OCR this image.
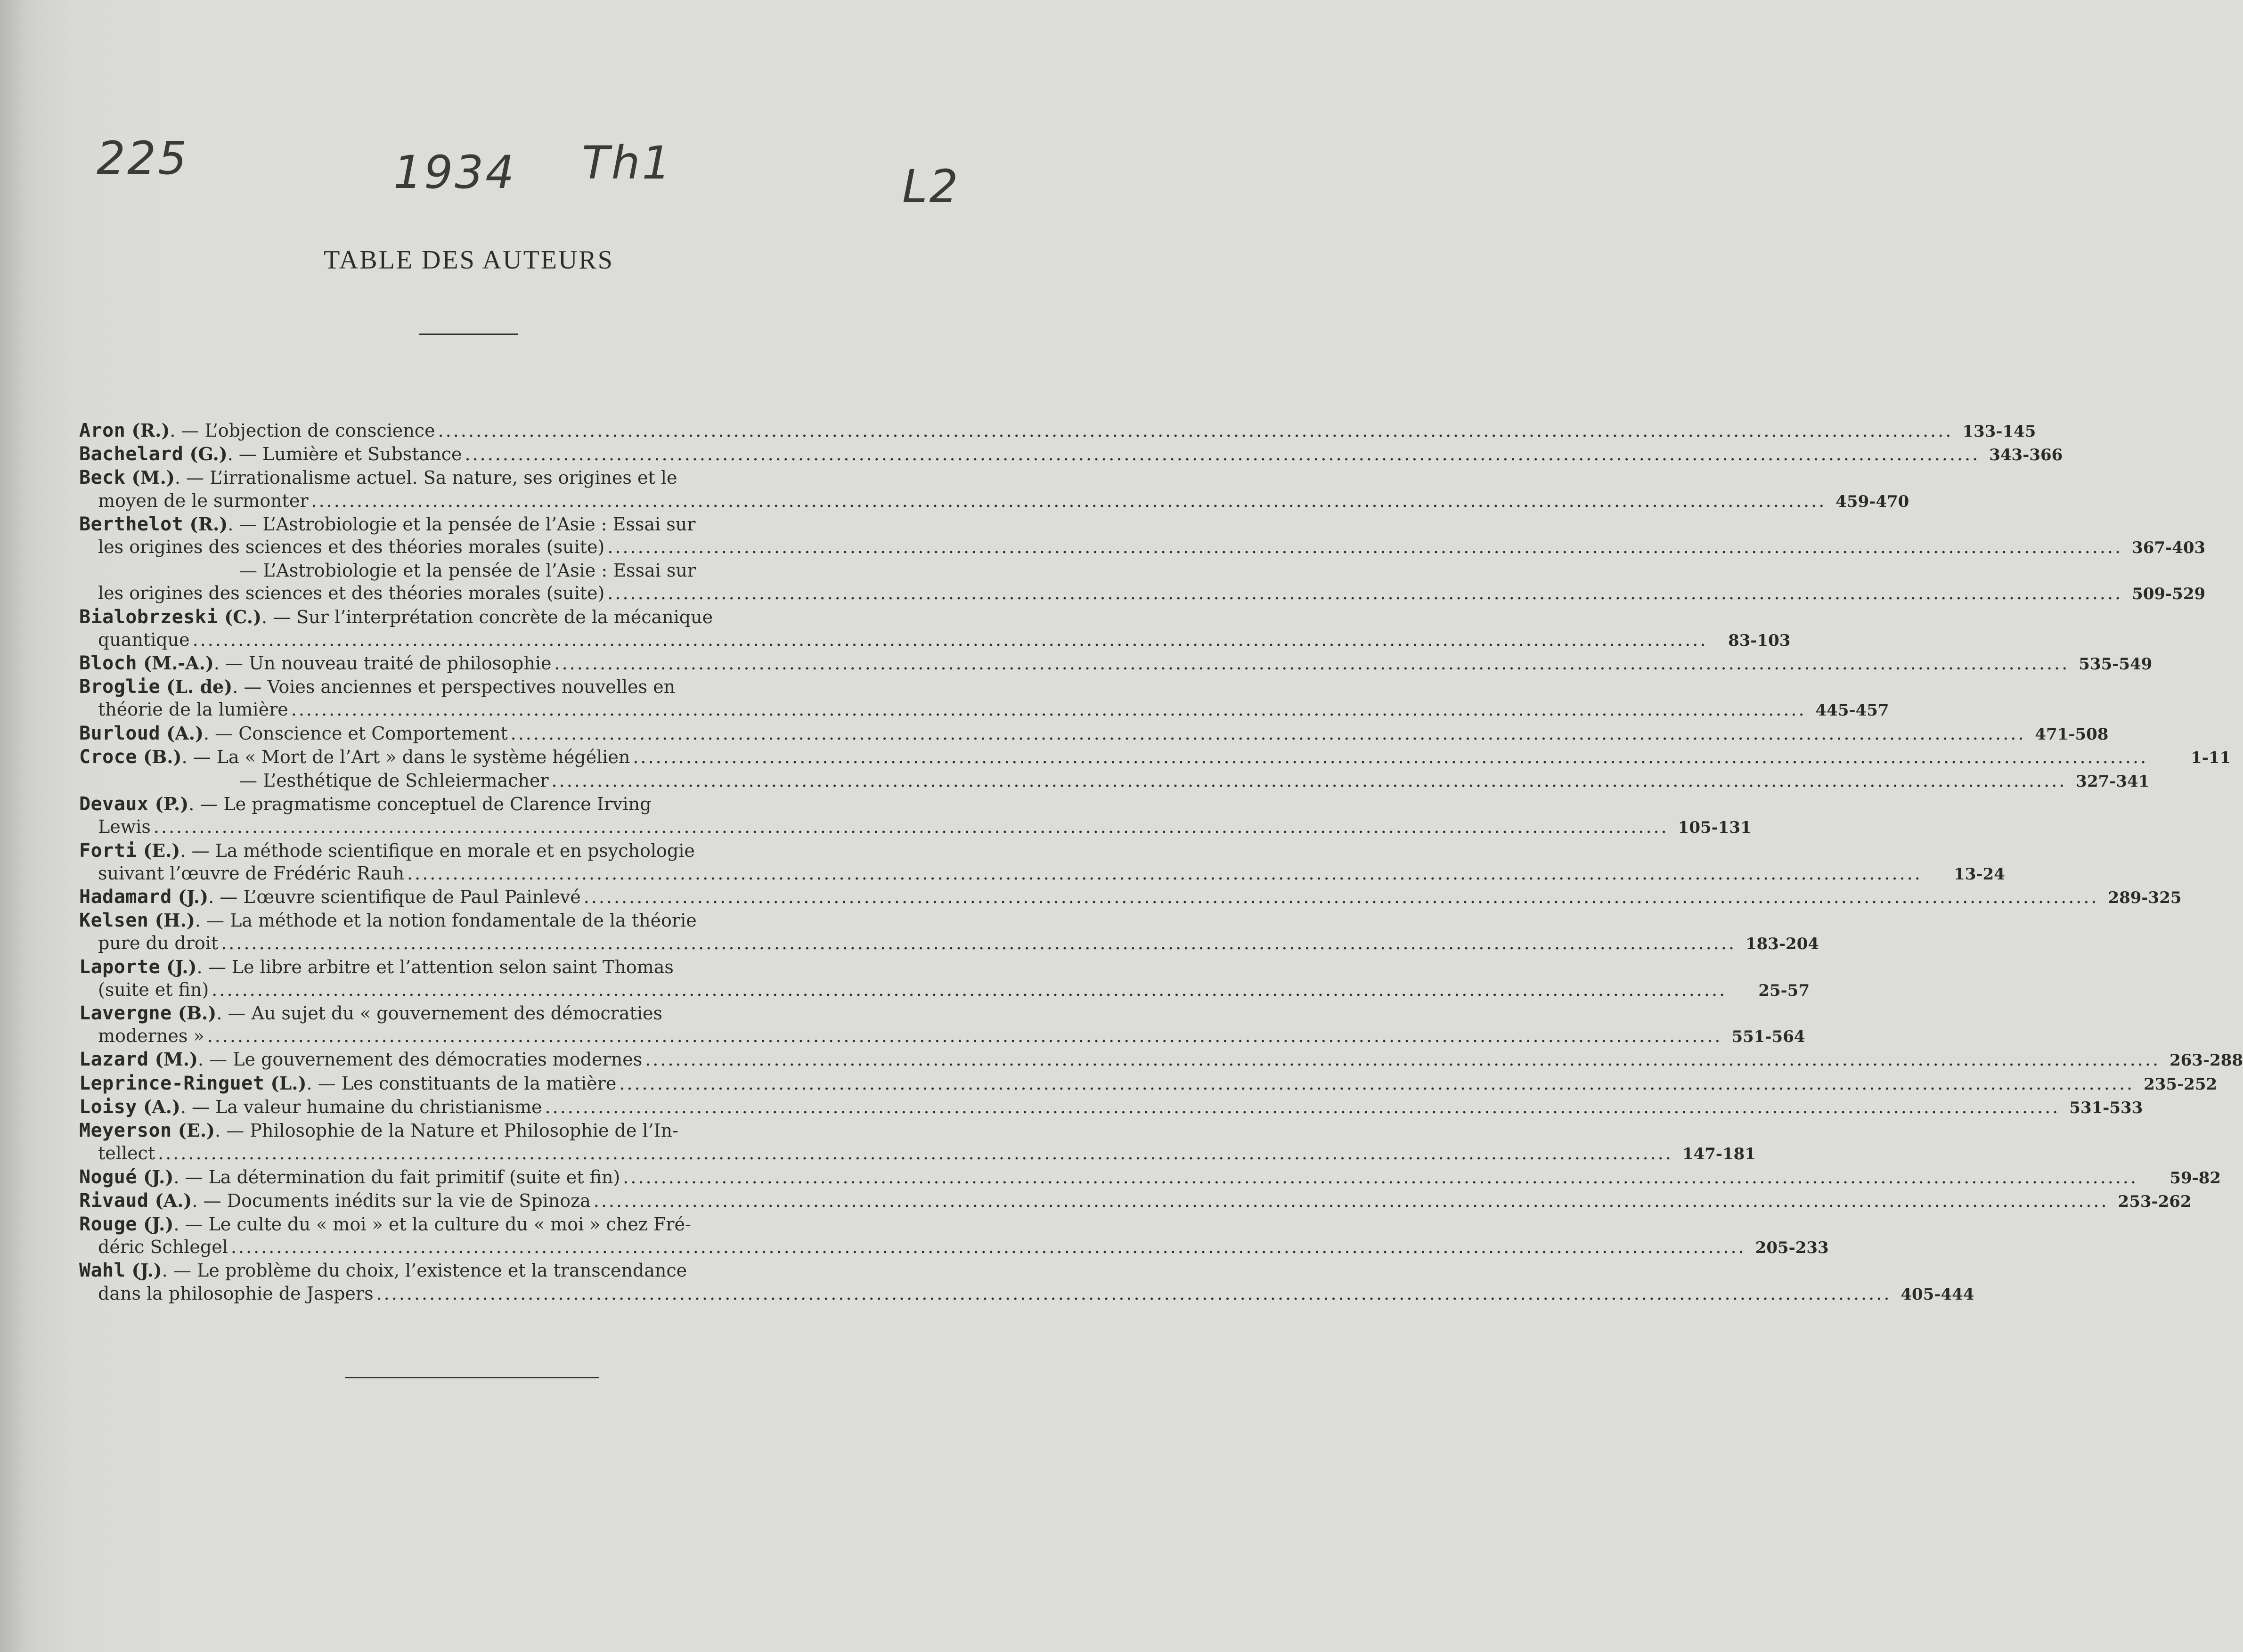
225	1934 Th1	L2
TABLE DES AUTEURS
Aron (R.). — L’objection de conscience ........................................................................................................................................................................................................ 133-145
Bachelard (G.). — Lumière et Substance ........................................................................................................................................................................................................ 343-366
Beck (M.). — L’irrationalisme actuel. Sa nature, ses origines et le
moyen de le surmonter ........................................................................................................................................................................................................ 459-470
Berthelot (R.). — L’Astrobiologie et la pensée de l’Asie : Essai sur
les origines des sciences et des théories morales (suite) ........................................................................................................................................................................................................ 367-403
— L’Astrobiologie et la pensée de l’Asie : Essai sur
les origines des sciences et des théories morales (suite) ........................................................................................................................................................................................................ 509-529
Bialobrzeski (C.). — Sur l’interprétation concrète de la mécanique
quantique ........................................................................................................................................................................................................	83-103
Bloch (M.-A.). — Un nouveau traité de philosophie ........................................................................................................................................................................................................ 535-549
Broglie (L. de). — Voies anciennes et perspectives nouvelles en
théorie de la lumière ........................................................................................................................................................................................................ 445-457
Burloud (A.). — Conscience et Comportement ........................................................................................................................................................................................................ 471-508
Croce (B.). — La « Mort de l’Art » dans le système hégélien ........................................................................................................................................................................................................	1-11
— L’esthétique de Schleiermacher ........................................................................................................................................................................................................ 327-341
Devaux (P.). — Le pragmatisme conceptuel de Clarence Irving
Lewis ........................................................................................................................................................................................................ 105-131
Forti (E.). — La méthode scientifique en morale et en psychologie
suivant l’œuvre de Frédéric Rauh ........................................................................................................................................................................................................	13-24
Hadamard (J.). — L’œuvre scientifique de Paul Painlevé ........................................................................................................................................................................................................ 289-325
Kelsen (H.). — La méthode et la notion fondamentale de la théorie
pure du droit ........................................................................................................................................................................................................ 183-204
Laporte (J.). — Le libre arbitre et l’attention selon saint Thomas
(suite et fin) ........................................................................................................................................................................................................	25-57
Lavergne (B.). — Au sujet du « gouvernement des démocraties
modernes » ........................................................................................................................................................................................................ 551-564
Lazard (M.). — Le gouvernement des démocraties modernes ........................................................................................................................................................................................................ 263-288
Leprince-Ringuet (L.). — Les constituants de la matière ........................................................................................................................................................................................................ 235-252
Loisy (A.). — La valeur humaine du christianisme ........................................................................................................................................................................................................ 531-533
Meyerson (E.). — Philosophie de la Nature et Philosophie de l’In-
tellect ........................................................................................................................................................................................................ 147-181
Nogué (J.). — La détermination du fait primitif (suite et fin) ........................................................................................................................................................................................................	59-82
Rivaud (A.). — Documents inédits sur la vie de Spinoza ........................................................................................................................................................................................................ 253-262
Rouge (J.). — Le culte du « moi » et la culture du « moi » chez Fré-
déric Schlegel ........................................................................................................................................................................................................ 205-233
Wahl (J.). — Le problème du choix, l’existence et la transcendance
dans la philosophie de Jaspers ........................................................................................................................................................................................................ 405-444
